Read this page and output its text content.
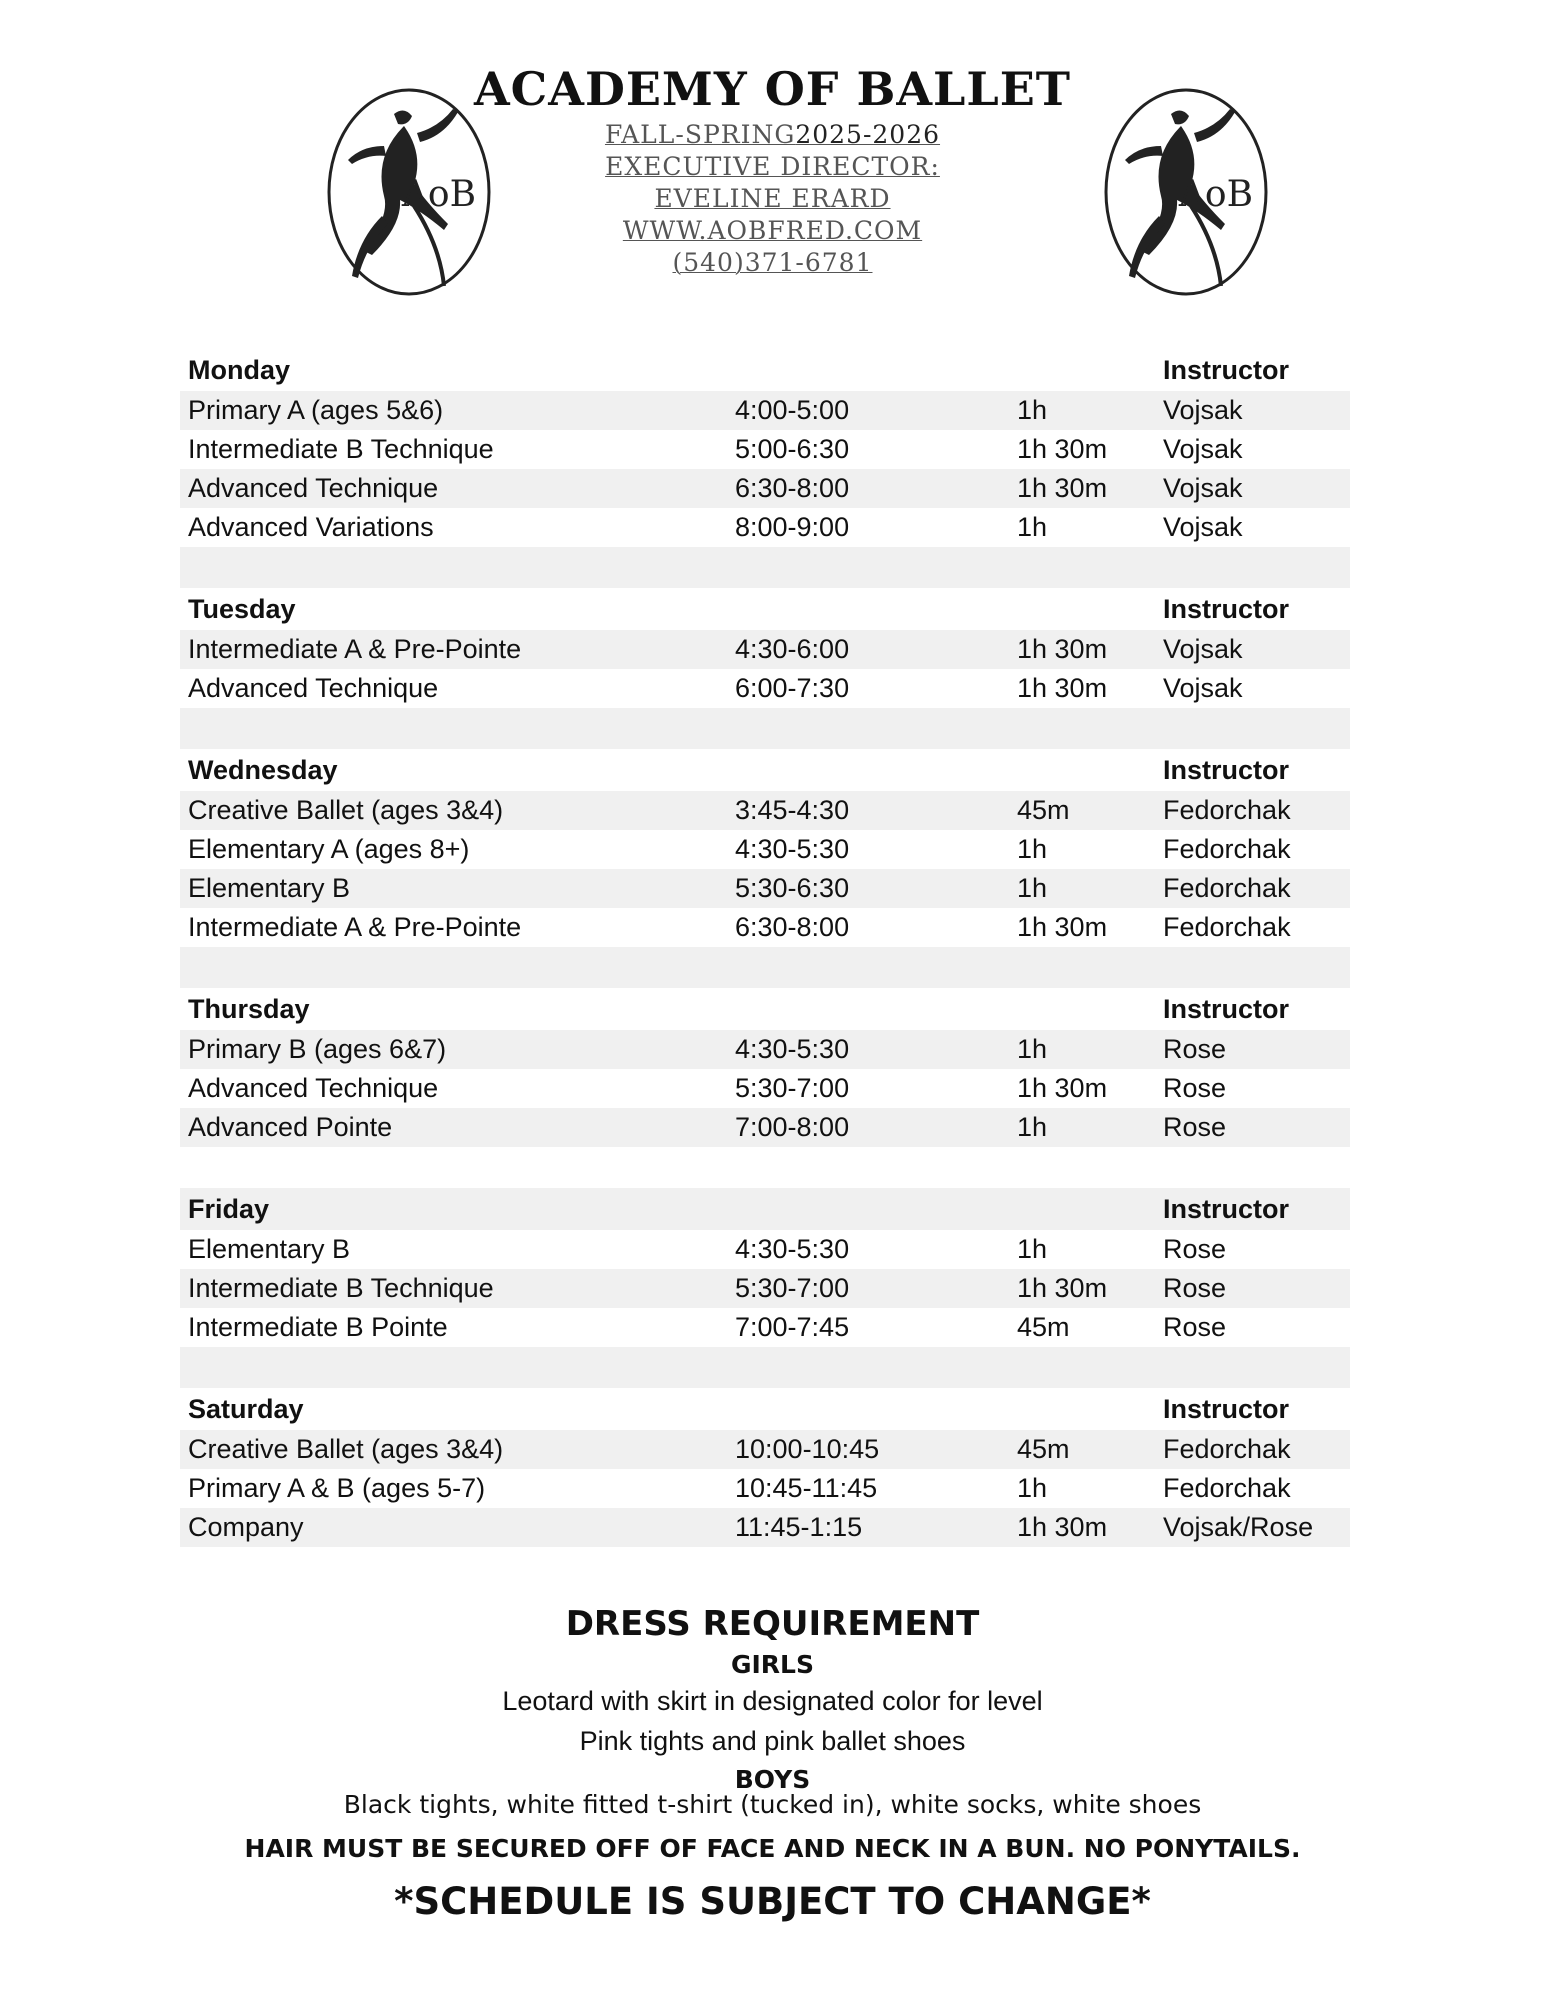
ACADEMY OF BALLET
FALL-SPRING2025-2026
EXECUTIVE DIRECTOR:
EVELINE ERARD
WWW.AOBFRED.COM
(540)371-6781
AoB	AoB
Monday			Instructor
Primary A (ages 5&6)	4:00-5:00	1h	Vojsak
Intermediate B Technique	5:00-6:30	1h 30m	Vojsak
Advanced Technique	6:30-8:00	1h 30m	Vojsak
Advanced Variations	8:00-9:00	1h	Vojsak

Tuesday			Instructor
Intermediate A & Pre-Pointe	4:30-6:00	1h 30m	Vojsak
Advanced Technique	6:00-7:30	1h 30m	Vojsak

Wednesday			Instructor
Creative Ballet (ages 3&4)	3:45-4:30	45m	Fedorchak
Elementary A (ages 8+)	4:30-5:30	1h	Fedorchak
Elementary B	5:30-6:30	1h	Fedorchak
Intermediate A & Pre-Pointe	6:30-8:00	1h 30m	Fedorchak

Thursday			Instructor
Primary B (ages 6&7)	4:30-5:30	1h	Rose
Advanced Technique	5:30-7:00	1h 30m	Rose
Advanced Pointe	7:00-8:00	1h	Rose

Friday			Instructor
Elementary B	4:30-5:30	1h	Rose
Intermediate B Technique	5:30-7:00	1h 30m	Rose
Intermediate B Pointe	7:00-7:45	45m	Rose

Saturday			Instructor
Creative Ballet (ages 3&4)	10:00-10:45	45m	Fedorchak
Primary A & B (ages 5-7)	10:45-11:45	1h	Fedorchak
Company	11:45-1:15	1h 30m	Vojsak/Rose
DRESS REQUIREMENT
GIRLS
Leotard with skirt in designated color for level
Pink tights and pink ballet shoes
BOYS
Black tights, white fitted t-shirt (tucked in), white socks, white shoes
HAIR MUST BE SECURED OFF OF FACE AND NECK IN A BUN. NO PONYTAILS.
*SCHEDULE IS SUBJECT TO CHANGE*
